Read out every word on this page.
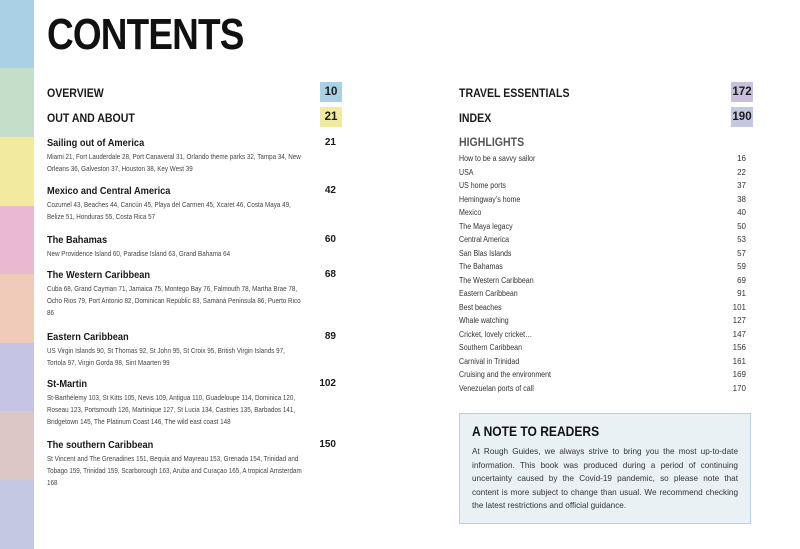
CONTENTS
OVERVIEW	10
OUT AND ABOUT	21
Sailing out of America	21
Miami 21, Fort Lauderdale 28, Port Canaveral 31, Orlando theme parks 32, Tampa 34, New Orleans 36, Galveston 37, Houston 38, Key West 39
Mexico and Central America	42
Cozumel 43, Beaches 44, Cancún 45, Playa del Carmen 45, Xcaret 46, Costa Maya 49, Belize 51, Honduras 55, Costa Rica 57
The Bahamas	60
New Providence Island 60, Paradise Island 63, Grand Bahama 64
The Western Caribbean	68
Cuba 68, Grand Cayman 71, Jamaica 75, Montego Bay 76, Falmouth 78, Martha Brae 78, Ocho Rios 79, Port Antonio 82, Dominican Republic 83, Samaná Peninsula 86, Puerto Rico 86
Eastern Caribbean	89
US Virgin Islands 90, St Thomas 92, St John 95, St Croix 95, British Virgin Islands 97, Tortola 97, Virgin Gorda 98, Sint Maarten 99
St-Martin	102
St-Barthélemy 103, St Kitts 105, Nevis 109, Antigua 110, Guadeloupe 114, Dominica 120, Roseau 123, Portsmouth 126, Martinique 127, St Lucia 134, Castries 135, Barbados 141, Bridgetown 145, The Platinum Coast 146, The wild east coast 148
The southern Caribbean	150
St Vincent and The Grenadines 151, Bequia and Mayreau 153, Grenada 154, Trinidad and Tobago 159, Trinidad 159, Scarborough 163, Aruba and Curaçao 165, A tropical Amsterdam 168
TRAVEL ESSENTIALS	172
INDEX	190
HIGHLIGHTS
How to be a savvy sailor	16
USA	22
US home ports	37
Hemingway’s home	38
Mexico	40
The Maya legacy	50
Central America	53
San Blas Islands	57
The Bahamas	59
The Western Caribbean	69
Eastern Caribbean	91
Best beaches	101
Whale watching	127
Cricket, lovely cricket…	147
Southern Caribbean	156
Carnival in Trinidad	161
Cruising and the environment	169
Venezuelan ports of call	170
A NOTE TO READERS
At Rough Guides, we always strive to bring you the most up-to-date information. This book was produced during a period of continuing uncertainty caused by the Covid-19 pandemic, so please note that content is more subject to change than usual. We recommend checking the latest restrictions and official guidance.
